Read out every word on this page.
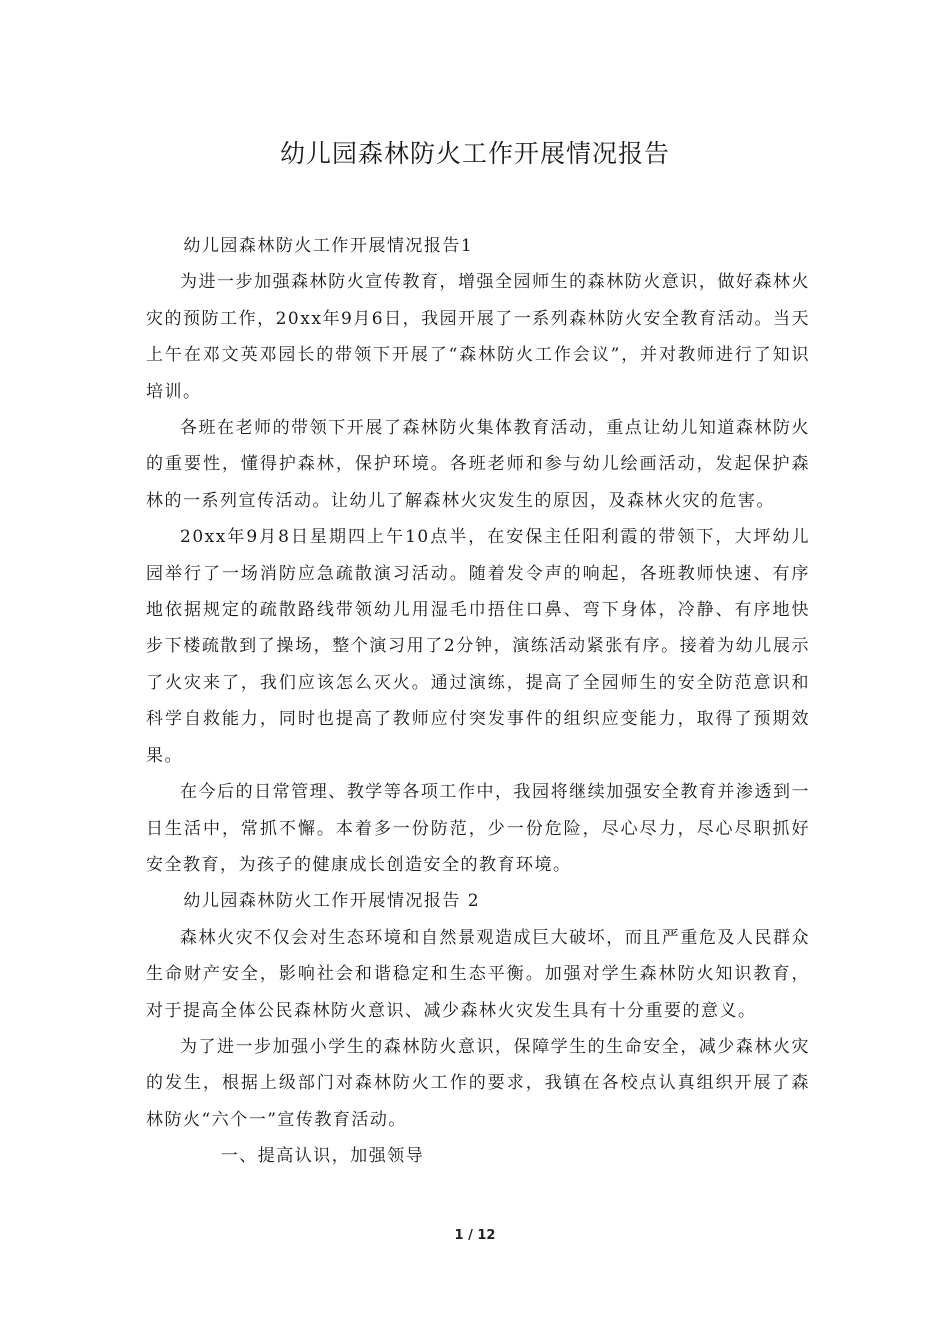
幼儿园森林防火工作开展情况报告

幼儿园森林防火工作开展情况报告1

为进一步加强森林防火宣传教育，增强全园师生的森林防火意识，做好森林火灾的预防工作，20xx年9月6日，我园开展了一系列森林防火安全教育活动。当天上午在邓文英邓园长的带领下开展了“森林防火工作会议”，并对教师进行了知识培训。

各班在老师的带领下开展了森林防火集体教育活动，重点让幼儿知道森林防火的重要性，懂得护森林，保护环境。各班老师和参与幼儿绘画活动，发起保护森林的一系列宣传活动。让幼儿了解森林火灾发生的原因，及森林火灾的危害。

20xx年9月8日星期四上午10点半，在安保主任阳利霞的带领下，大坪幼儿园举行了一场消防应急疏散演习活动。随着发令声的响起，各班教师快速、有序地依据规定的疏散路线带领幼儿用湿毛巾捂住口鼻、弯下身体，冷静、有序地快步下楼疏散到了操场，整个演习用了2分钟，演练活动紧张有序。接着为幼儿展示了火灾来了，我们应该怎么灭火。通过演练，提高了全园师生的安全防范意识和科学自救能力，同时也提高了教师应付突发事件的组织应变能力，取得了预期效果。

在今后的日常管理、教学等各项工作中，我园将继续加强安全教育并渗透到一日生活中，常抓不懈。本着多一份防范，少一份危险，尽心尽力，尽心尽职抓好安全教育，为孩子的健康成长创造安全的教育环境。

幼儿园森林防火工作开展情况报告 2

森林火灾不仅会对生态环境和自然景观造成巨大破坏，而且严重危及人民群众生命财产安全，影响社会和谐稳定和生态平衡。加强对学生森林防火知识教育，对于提高全体公民森林防火意识、减少森林火灾发生具有十分重要的意义。

为了进一步加强小学生的森林防火意识，保障学生的生命安全，减少森林火灾的发生，根据上级部门对森林防火工作的要求，我镇在各校点认真组织开展了森林防火“六个一”宣传教育活动。

一、提高认识，加强领导

1 / 12
